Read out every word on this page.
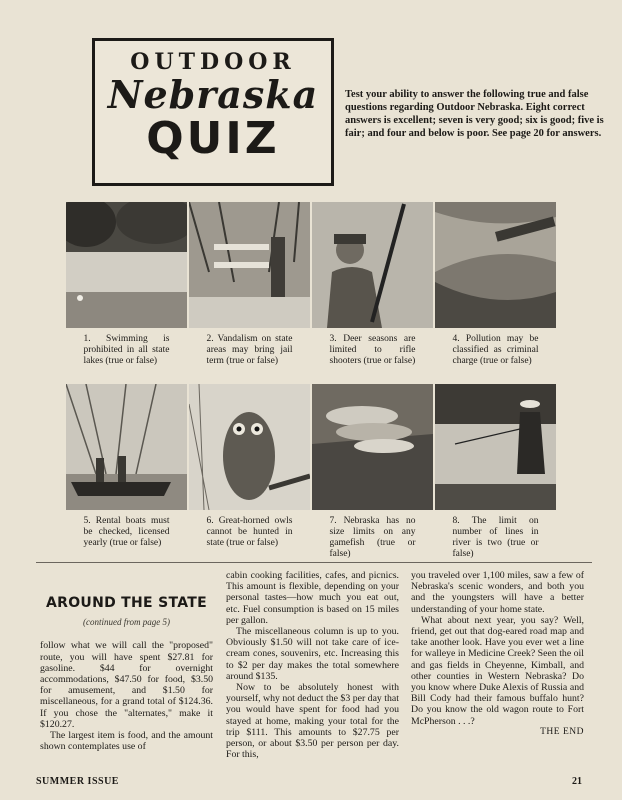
OUTDOOR
Nebraska
QUIZ
Test your ability to answer the following true and false questions regarding Outdoor Nebraska. Eight correct answers is excellent; seven is very good; six is good; five is fair; and four and below is poor. See page 20 for answers.
1. Swimming is prohibited in all state lakes (true or false)
2. Vandalism on state areas may bring jail term (true or false)
3. Deer seasons are limited to rifle shooters (true or false)
4. Pollution may be classified as criminal charge (true or false)
5. Rental boats must be checked, licensed yearly (true or false)
6. Great-horned owls cannot be hunted in state (true or false)
7. Nebraska has no size limits on any gamefish (true or false)
8. The limit on number of lines in river is two (true or false)
AROUND THE STATE
(continued from page 5)

follow what we will call the "proposed" route, you will have spent $27.81 for gasoline. $44 for overnight accommodations, $47.50 for food, $3.50 for amusement, and $1.50 for miscellaneous, for a grand total of $124.36. If you chose the "alternates," make it $120.27.

The largest item is food, and the amount shown contemplates use of

cabin cooking facilities, cafes, and picnics. This amount is flexible, depending on your personal tastes—how much you eat out, etc. Fuel consumption is based on 15 miles per gallon.

The miscellaneous column is up to you. Obviously $1.50 will not take care of ice-cream cones, souvenirs, etc. Increasing this to $2 per day makes the total somewhere around $135.

Now to be absolutely honest with yourself, why not deduct the $3 per day that you would have spent for food had you stayed at home, making your total for the trip $111. This amounts to $27.75 per person, or about $3.50 per person per day. For this,

you traveled over 1,100 miles, saw a few of Nebraska's scenic wonders, and both you and the youngsters will have a better understanding of your home state.

What about next year, you say? Well, friend, get out that dog-eared road map and take another look. Have you ever wet a line for walleye in Medicine Creek? Seen the oil and gas fields in Cheyenne, Kimball, and other counties in Western Nebraska? Do you know where Duke Alexis of Russia and Bill Cody had their famous buffalo hunt? Do you know the old wagon route to Fort McPherson . . .?

THE END
SUMMER ISSUE	21
